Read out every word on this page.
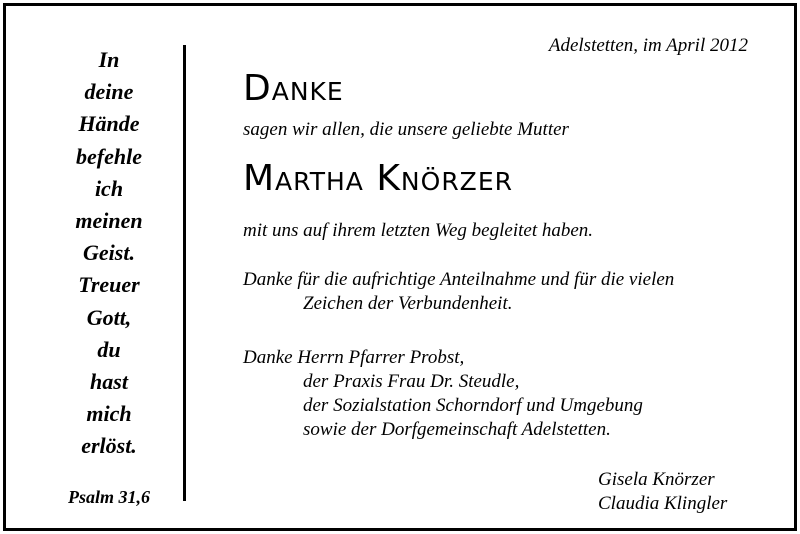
In
deine
Hände
befehle
ich
meinen
Geist.
Treuer
Gott,
du
hast
mich
erlöst.
Psalm 31,6
Adelstetten, im April 2012
Danke
sagen wir allen, die unsere geliebte Mutter
Martha Knörzer
mit uns auf ihrem letzten Weg begleitet haben.
Danke für die aufrichtige Anteilnahme und für die vielen
Zeichen der Verbundenheit.
Danke Herrn Pfarrer Probst,
der Praxis Frau Dr. Steudle,
der Sozialstation Schorndorf und Umgebung
sowie der Dorfgemeinschaft Adelstetten.
Gisela Knörzer
Claudia Klingler
